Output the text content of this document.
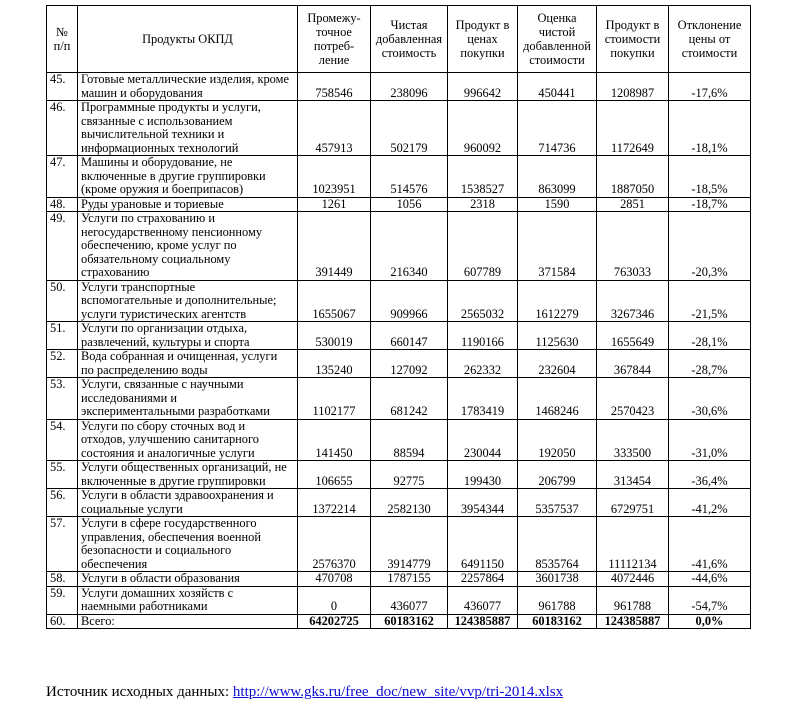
№
п/п	Продукты ОКПД	Промежу-
точное
потреб-
ление	Чистая
добавленная
стоимость	Продукт в
ценах
покупки	Оценка
чистой
добавленной
стоимости	Продукт в
стоимости
покупки	Отклонение
цены от
стоимости
45.	Готовые металлические изделия, кроме
машин и оборудования	758546	238096	996642	450441	1208987	-17,6%
46.	Программные продукты и услуги,
связанные с использованием
вычислительной техники и
информационных технологий	457913	502179	960092	714736	1172649	-18,1%
47.	Машины и оборудование, не
включенные в другие группировки
(кроме оружия и боеприпасов)	1023951	514576	1538527	863099	1887050	-18,5%
48.	Руды урановые и ториевые	1261	1056	2318	1590	2851	-18,7%
49.	Услуги по страхованию и
негосударственному пенсионному
обеспечению, кроме услуг по
обязательному социальному
страхованию	391449	216340	607789	371584	763033	-20,3%
50.	Услуги транспортные
вспомогательные и дополнительные;
услуги туристических агентств	1655067	909966	2565032	1612279	3267346	-21,5%
51.	Услуги по организации отдыха,
развлечений, культуры и спорта	530019	660147	1190166	1125630	1655649	-28,1%
52.	Вода собранная и очищенная, услуги
по распределению воды	135240	127092	262332	232604	367844	-28,7%
53.	Услуги, связанные с научными
исследованиями и
экспериментальными разработками	1102177	681242	1783419	1468246	2570423	-30,6%
54.	Услуги по сбору сточных вод и
отходов, улучшению санитарного
состояния и аналогичные услуги	141450	88594	230044	192050	333500	-31,0%
55.	Услуги общественных организаций, не
включенные в другие группировки	106655	92775	199430	206799	313454	-36,4%
56.	Услуги в области здравоохранения и
социальные услуги	1372214	2582130	3954344	5357537	6729751	-41,2%
57.	Услуги в сфере государственного
управления, обеспечения военной
безопасности и социального
обеспечения	2576370	3914779	6491150	8535764	11112134	-41,6%
58.	Услуги в области образования	470708	1787155	2257864	3601738	4072446	-44,6%
59.	Услуги домашних хозяйств с
наемными работниками	0	436077	436077	961788	961788	-54,7%
60.	Всего:	64202725	60183162	124385887	60183162	124385887	0,0%
Источник исходных данных: http://www.gks.ru/free_doc/new_site/vvp/tri-2014.xlsx
